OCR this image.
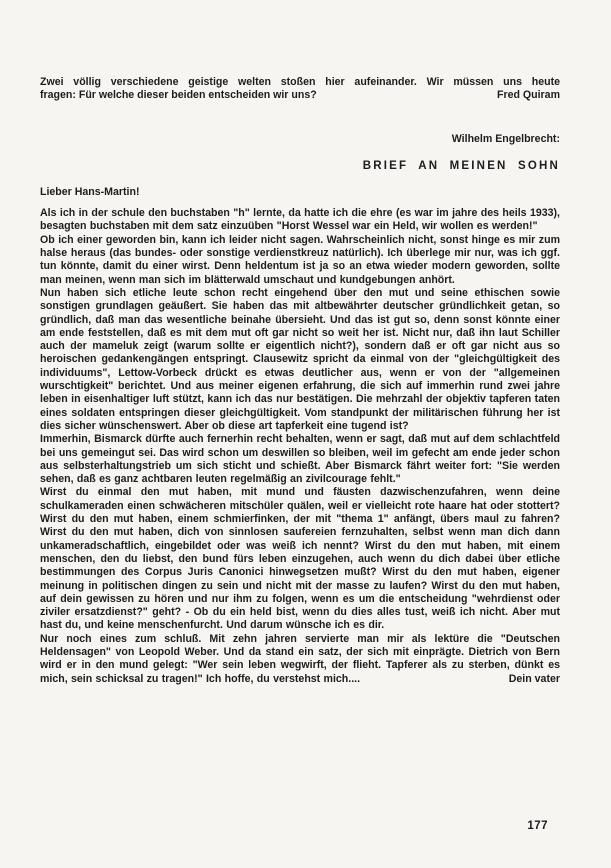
Zwei völlig verschiedene geistige welten stoßen hier aufeinander. Wir müssen uns heute
fragen: Für welche dieser beiden entscheiden wir uns?	Fred Quiram
Wilhelm Engelbrecht:
BRIEF AN MEINEN SOHN
Lieber Hans-Martin!

Als ich in der schule den buchstaben "h" lernte, da hatte ich die ehre (es war im jahre des heils 1933), besagten buchstaben mit dem satz einzuüben "Horst Wessel war ein Held, wir wollen es werden!"

Ob ich einer geworden bin, kann ich leider nicht sagen. Wahrscheinlich nicht, sonst hinge es mir zum halse heraus (das bundes- oder sonstige verdienstkreuz natürlich). Ich überlege mir nur, was ich ggf. tun könnte, damit du einer wirst. Denn heldentum ist ja so an etwa wieder modern geworden, sollte man meinen, wenn man sich im blätterwald umschaut und kundgebungen anhört.

Nun haben sich etliche leute schon recht eingehend über den mut und seine ethischen sowie sonstigen grundlagen geäußert. Sie haben das mit altbewährter deutscher gründlichkeit getan, so gründlich, daß man das wesentliche beinahe übersieht. Und das ist gut so, denn sonst könnte einer am ende feststellen, daß es mit dem mut oft gar nicht so weit her ist. Nicht nur, daß ihn laut Schiller auch der mameluk zeigt (warum sollte er eigentlich nicht?), sondern daß er oft gar nicht aus so heroischen gedankengängen entspringt. Clausewitz spricht da einmal von der "gleichgültigkeit des individuums", Lettow-Vorbeck drückt es etwas deutlicher aus, wenn er von der "allgemeinen wurschtigkeit" berichtet. Und aus meiner eigenen erfahrung, die sich auf immerhin rund zwei jahre leben in eisenhaltiger luft stützt, kann ich das nur bestätigen. Die mehrzahl der objektiv tapferen taten eines soldaten entspringen dieser gleichgültigkeit. Vom standpunkt der militärischen führung her ist dies sicher wünschenswert. Aber ob diese art tapferkeit eine tugend ist?

Immerhin, Bismarck dürfte auch fernerhin recht behalten, wenn er sagt, daß mut auf dem schlachtfeld bei uns gemeingut sei. Das wird schon um deswillen so bleiben, weil im gefecht am ende jeder schon aus selbsterhaltungstrieb um sich sticht und schießt. Aber Bismarck fährt weiter fort: "Sie werden sehen, daß es ganz achtbaren leuten regelmäßig an zivilcourage fehlt."

Wirst du einmal den mut haben, mit mund und fäusten dazwischenzufahren, wenn deine schulkameraden einen schwächeren mitschüler quälen, weil er vielleicht rote haare hat oder stottert? Wirst du den mut haben, einem schmierfinken, der mit "thema 1" anfängt, übers maul zu fahren? Wirst du den mut haben, dich von sinnlosen saufereien fernzuhalten, selbst wenn man dich dann unkameradschaftlich, eingebildet oder was weiß ich nennt? Wirst du den mut haben, mit einem menschen, den du liebst, den bund fürs leben einzugehen, auch wenn du dich dabei über etliche bestimmungen des Corpus Juris Canonici hinwegsetzen mußt? Wirst du den mut haben, eigener meinung in politischen dingen zu sein und nicht mit der masse zu laufen? Wirst du den mut haben, auf dein gewissen zu hören und nur ihm zu folgen, wenn es um die entscheidung "wehrdienst oder ziviler ersatzdienst?" geht? - Ob du ein held bist, wenn du dies alles tust, weiß ich nicht. Aber mut hast du, und keine menschenfurcht. Und darum wünsche ich es dir.

Nur noch eines zum schluß. Mit zehn jahren servierte man mir als lektüre die "Deutschen Heldensagen" von Leopold Weber. Und da stand ein satz, der sich mit einprägte. Dietrich von Bern wird er in den mund gelegt: "Wer sein leben wegwirft, der flieht. Tapferer als zu sterben, dünkt es mich, sein schicksal zu tragen!" Ich hoffe, du verstehst mich....	Dein vater
177
